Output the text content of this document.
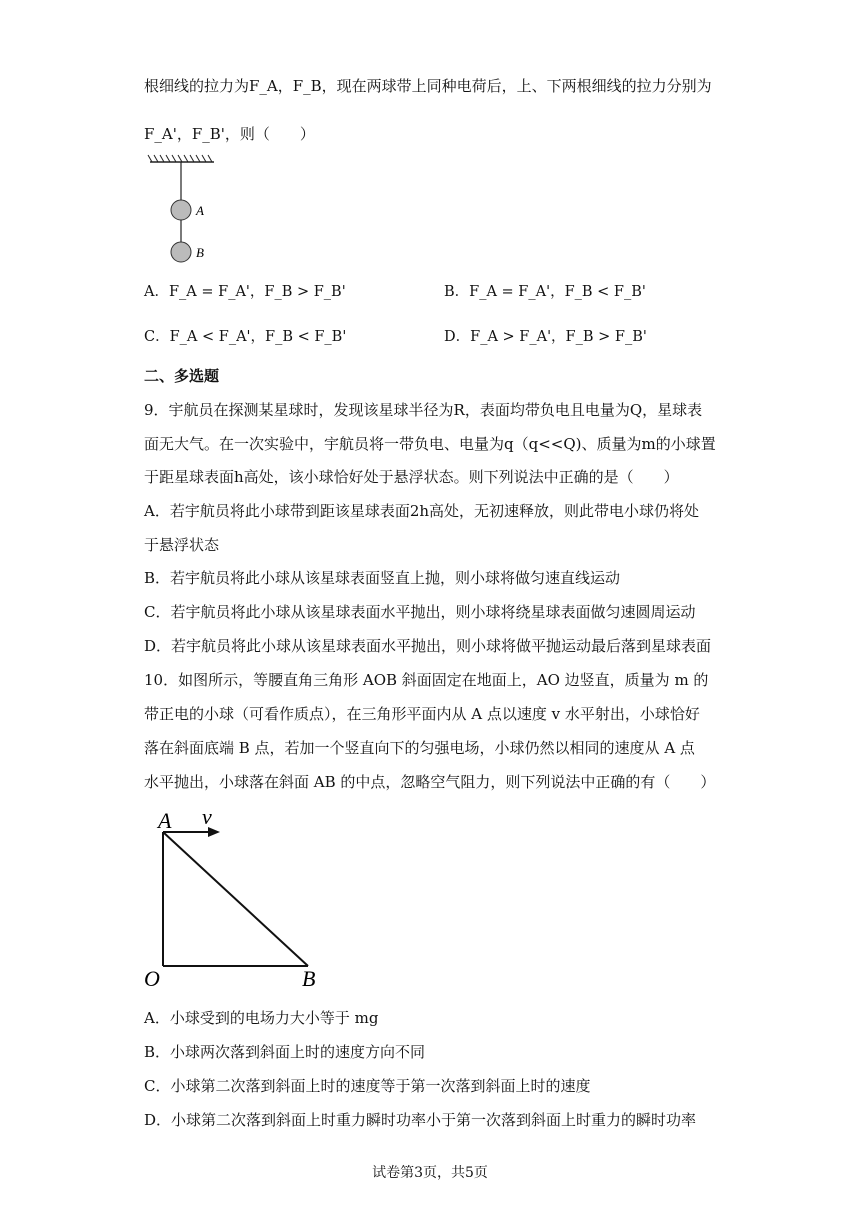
根细线的拉力为F_A，F_B，现在两球带上同种电荷后，上、下两根细线的拉力分别为
F_A'，F_B'，则（　　）
A
B
A．F_A = F_A'，F_B > F_B'	B．F_A = F_A'，F_B < F_B'
C．F_A < F_A'，F_B < F_B'	D．F_A > F_A'，F_B > F_B'
二、多选题
9．宇航员在探测某星球时，发现该星球半径为R，表面均带负电且电量为Q，星球表
面无大气。在一次实验中，宇航员将一带负电、电量为q（q<<Q)、质量为m的小球置
于距星球表面h高处，该小球恰好处于悬浮状态。则下列说法中正确的是（　　）
A．若宇航员将此小球带到距该星球表面2h高处，无初速释放，则此带电小球仍将处
于悬浮状态
B．若宇航员将此小球从该星球表面竖直上抛，则小球将做匀速直线运动
C．若宇航员将此小球从该星球表面水平抛出，则小球将绕星球表面做匀速圆周运动
D．若宇航员将此小球从该星球表面水平抛出，则小球将做平抛运动最后落到星球表面
10．如图所示，等腰直角三角形 AOB 斜面固定在地面上，AO 边竖直，质量为 m 的
带正电的小球（可看作质点），在三角形平面内从 A 点以速度 v 水平射出，小球恰好
落在斜面底端 B 点，若加一个竖直向下的匀强电场，小球仍然以相同的速度从 A 点
水平抛出，小球落在斜面 AB 的中点，忽略空气阻力，则下列说法中正确的有（　　）
A v
O	B
A．小球受到的电场力大小等于 mg
B．小球两次落到斜面上时的速度方向不同
C．小球第二次落到斜面上时的速度等于第一次落到斜面上时的速度
D．小球第二次落到斜面上时重力瞬时功率小于第一次落到斜面上时重力的瞬时功率
试卷第3页，共5页
